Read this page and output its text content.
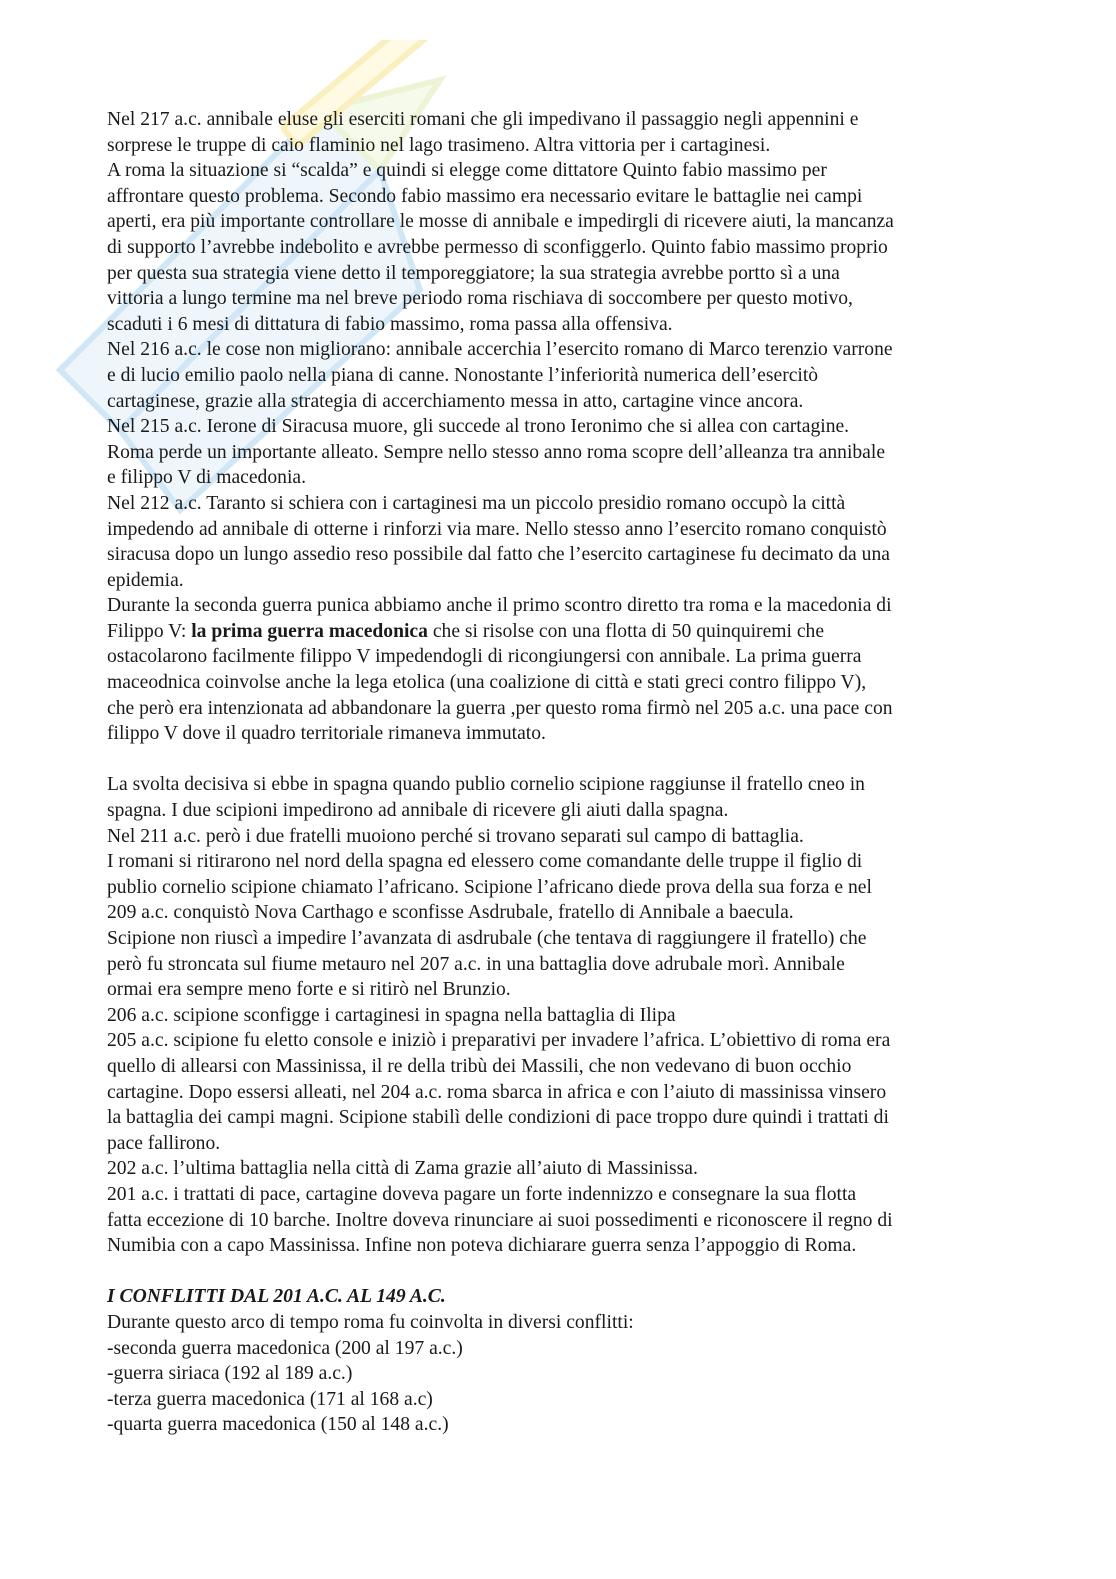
Nel 217 a.c. annibale eluse gli eserciti romani che gli impedivano il passaggio negli appennini e
sorprese le truppe di caio flaminio nel lago trasimeno. Altra vittoria per i cartaginesi.
A roma la situazione si “scalda” e quindi si elegge come dittatore Quinto fabio massimo per
affrontare questo problema. Secondo fabio massimo era necessario evitare le battaglie nei campi
aperti, era più importante controllare le mosse di annibale e impedirgli di ricevere aiuti, la mancanza
di supporto l’avrebbe indebolito e avrebbe permesso di sconfiggerlo. Quinto fabio massimo proprio
per questa sua strategia viene detto il temporeggiatore; la sua strategia avrebbe portto sì a una
vittoria a lungo termine ma nel breve periodo roma rischiava di soccombere per questo motivo,
scaduti i 6 mesi di dittatura di fabio massimo, roma passa alla offensiva.
Nel 216 a.c. le cose non migliorano: annibale accerchia l’esercito romano di Marco terenzio varrone
e di lucio emilio paolo nella piana di canne. Nonostante l’inferiorità numerica dell’esercitò
cartaginese, grazie alla strategia di accerchiamento messa in atto, cartagine vince ancora.
Nel 215 a.c. Ierone di Siracusa muore, gli succede al trono Ieronimo che si allea con cartagine.
Roma perde un importante alleato. Sempre nello stesso anno roma scopre dell’alleanza tra annibale
e filippo V di macedonia.
Nel 212 a.c. Taranto si schiera con i cartaginesi ma un piccolo presidio romano occupò la città
impedendo ad annibale di otterne i rinforzi via mare. Nello stesso anno l’esercito romano conquistò
siracusa dopo un lungo assedio reso possibile dal fatto che l’esercito cartaginese fu decimato da una
epidemia.
Durante la seconda guerra punica abbiamo anche il primo scontro diretto tra roma e la macedonia di
Filippo V: la prima guerra macedonica che si risolse con una flotta di 50 quinquiremi che
ostacolarono facilmente filippo V impedendogli di ricongiungersi con annibale. La prima guerra
maceodnica coinvolse anche la lega etolica (una coalizione di città e stati greci contro filippo V),
che però era intenzionata ad abbandonare la guerra ,per questo roma firmò nel 205 a.c. una pace con
filippo V dove il quadro territoriale rimaneva immutato.
La svolta decisiva si ebbe in spagna quando publio cornelio scipione raggiunse il fratello cneo in
spagna. I due scipioni impedirono ad annibale di ricevere gli aiuti dalla spagna.
Nel 211 a.c. però i due fratelli muoiono perché si trovano separati sul campo di battaglia.
I romani si ritirarono nel nord della spagna ed elessero come comandante delle truppe il figlio di
publio cornelio scipione chiamato l’africano. Scipione l’africano diede prova della sua forza e nel
209 a.c. conquistò Nova Carthago e sconfisse Asdrubale, fratello di Annibale a baecula.
Scipione non riuscì a impedire l’avanzata di asdrubale (che tentava di raggiungere il fratello) che
però fu stroncata sul fiume metauro nel 207 a.c. in una battaglia dove adrubale morì. Annibale
ormai era sempre meno forte e si ritirò nel Brunzio.
206 a.c. scipione sconfigge i cartaginesi in spagna nella battaglia di Ilipa
205 a.c. scipione fu eletto console e iniziò i preparativi per invadere l’africa. L’obiettivo di roma era
quello di allearsi con Massinissa, il re della tribù dei Massili, che non vedevano di buon occhio
cartagine. Dopo essersi alleati, nel 204 a.c. roma sbarca in africa e con l’aiuto di massinissa vinsero
la battaglia dei campi magni. Scipione stabilì delle condizioni di pace troppo dure quindi i trattati di
pace fallirono.
202 a.c. l’ultima battaglia nella città di Zama grazie all’aiuto di Massinissa.
201 a.c. i trattati di pace, cartagine doveva pagare un forte indennizzo e consegnare la sua flotta
fatta eccezione di 10 barche. Inoltre doveva rinunciare ai suoi possedimenti e riconoscere il regno di
Numibia con a capo Massinissa. Infine non poteva dichiarare guerra senza l’appoggio di Roma.
I CONFLITTI DAL 201 A.C. AL 149 A.C.
Durante questo arco di tempo roma fu coinvolta in diversi conflitti:
-seconda guerra macedonica (200 al 197 a.c.)
-guerra siriaca (192 al 189 a.c.)
-terza guerra macedonica (171 al 168 a.c)
-quarta guerra macedonica (150 al 148 a.c.)
